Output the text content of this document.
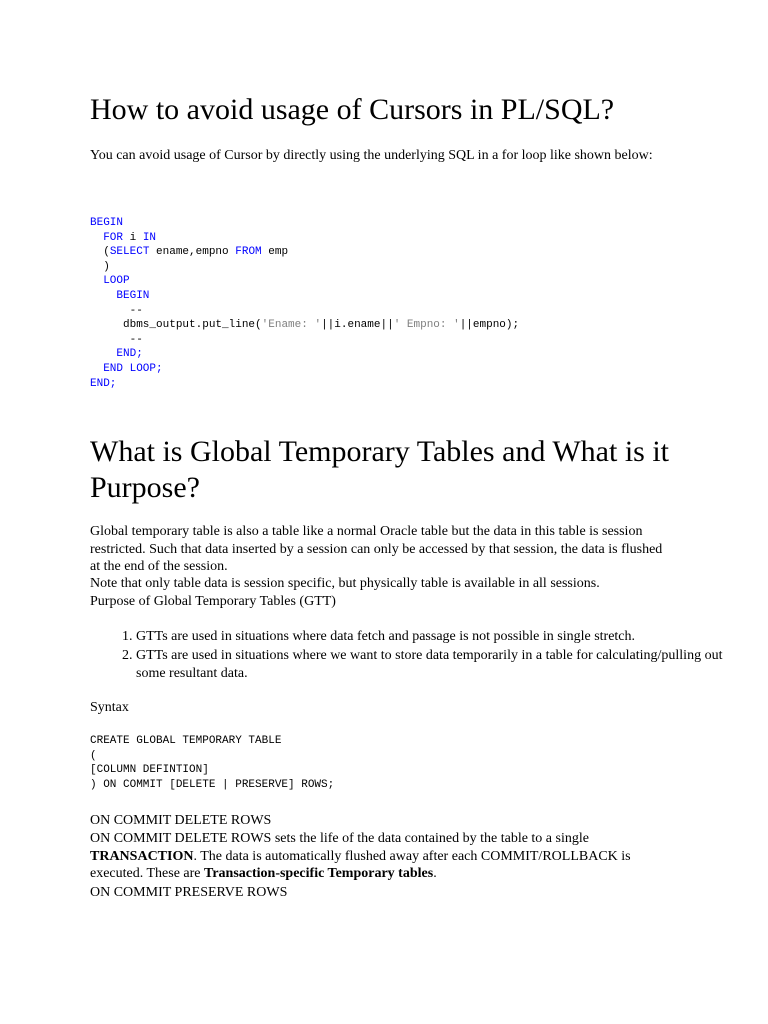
How to avoid usage of Cursors in PL/SQL?

You can avoid usage of Cursor by directly using the underlying SQL in a for loop like shown below:

BEGIN
FOR i IN
(SELECT ename,empno FROM emp
)
LOOP
BEGIN
--
dbms_output.put_line('Ename: '||i.ename||' Empno: '||empno);
--
END;
END LOOP;
END;
What is Global Temporary Tables and What is it Purpose?

Global temporary table is also a table like a normal Oracle table but the data in this table is session restricted. Such that data inserted by a session can only be accessed by that session, the data is flushed at the end of the session.

Note that only table data is session specific, but physically table is available in all sessions.

Purpose of Global Temporary Tables (GTT)

1. GTTs are used in situations where data fetch and passage is not possible in single stretch.
2. GTTs are used in situations where we want to store data temporarily in a table for calculating/pulling out some resultant data.

Syntax

CREATE GLOBAL TEMPORARY TABLE
(
[COLUMN DEFINTION]
) ON COMMIT [DELETE | PRESERVE] ROWS;

ON COMMIT DELETE ROWS

ON COMMIT DELETE ROWS sets the life of the data contained by the table to a single TRANSACTION. The data is automatically flushed away after each COMMIT/ROLLBACK is executed. These are Transaction-specific Temporary tables.

ON COMMIT PRESERVE ROWS
